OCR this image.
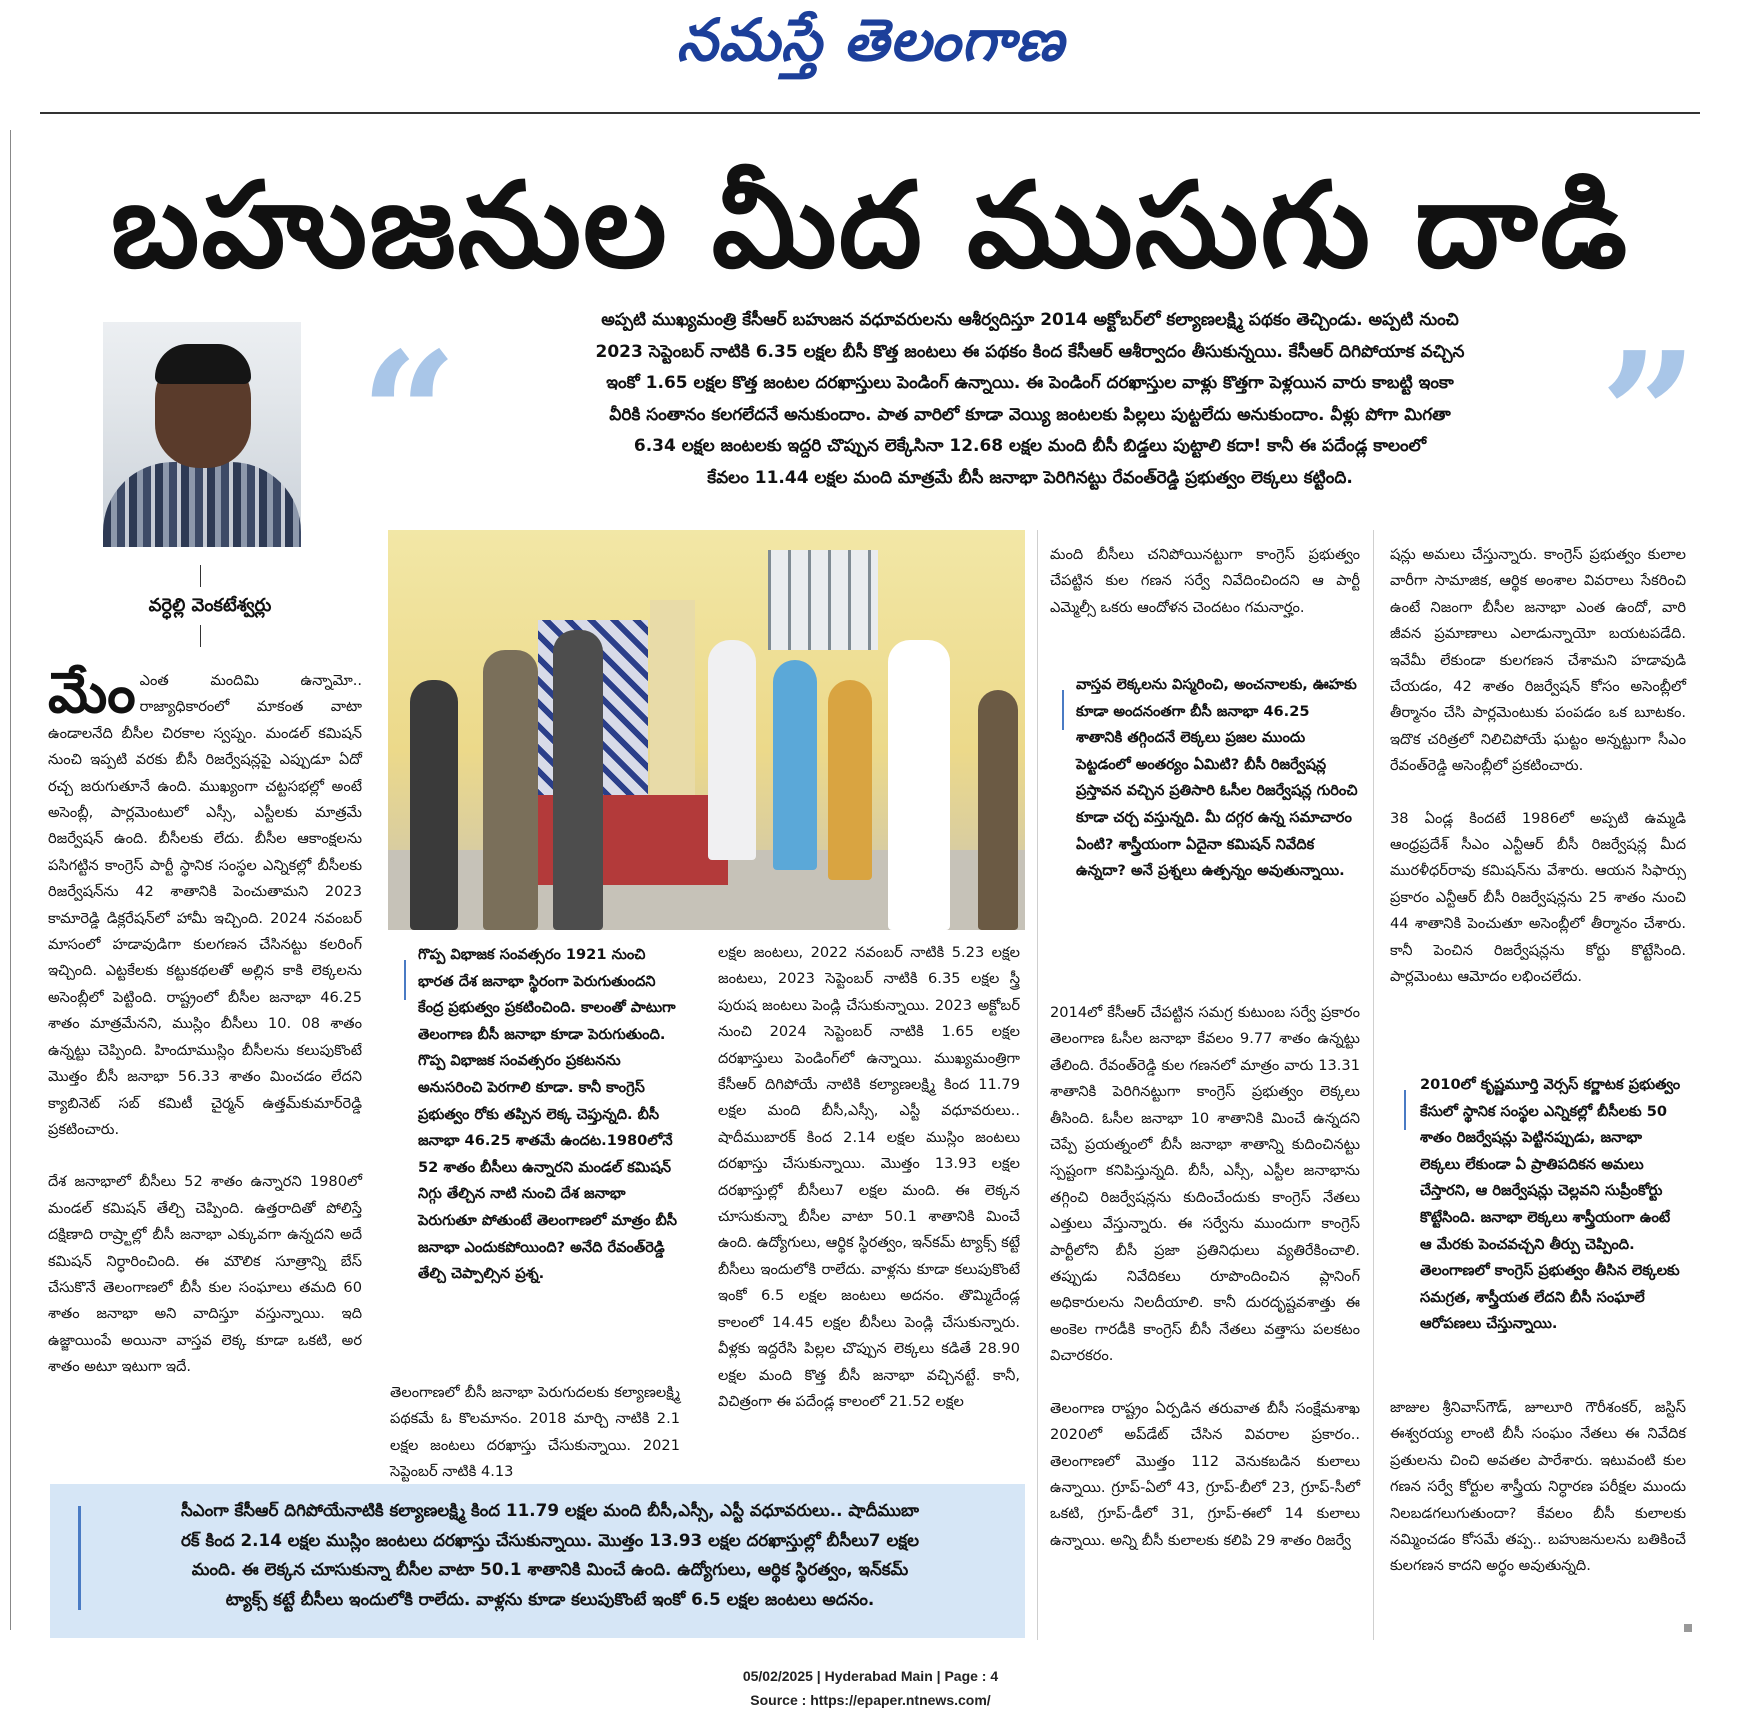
నమస్తే తెలంగాణ
బహుజనుల మీద ముసుగు దాడి
వర్ధెల్లి వెంకటేశ్వర్లు
“	”

అప్పటి ముఖ్యమంత్రి కేసీఆర్ బహుజన వధూవరులను ఆశీర్వదిస్తూ 2014 అక్టోబర్‌లో కల్యాణలక్ష్మి పథకం తెచ్చిండు. అప్పటి నుంచి

2023 సెప్టెంబర్ నాటికి 6.35 లక్షల బీసీ కొత్త జంటలు ఈ పథకం కింద కేసీఆర్ ఆశీర్వాదం తీసుకున్నయి. కేసీఆర్ దిగిపోయాక వచ్చిన

ఇంకో 1.65 లక్షల కొత్త జంటల దరఖాస్తులు పెండింగ్ ఉన్నాయి. ఈ పెండింగ్ దరఖాస్తుల వాళ్లు కొత్తగా పెళ్లయిన వారు కాబట్టి ఇంకా

వీరికి సంతానం కలగలేదనే అనుకుందాం. పాత వారిలో కూడా వెయ్యి జంటలకు పిల్లలు పుట్టలేదు అనుకుందాం. వీళ్లు పోగా మిగతా

6.34 లక్షల జంటలకు ఇద్దరి చొప్పున లెక్కేసినా 12.68 లక్షల మంది బీసీ బిడ్డలు పుట్టాలి కదా! కానీ ఈ పదేండ్ల కాలంలో

కేవలం 11.44 లక్షల మంది మాత్రమే బీసీ జనాభా పెరిగినట్టు రేవంత్‌రెడ్డి ప్రభుత్వం లెక్కలు కట్టింది.

మేం ఎంత మందిమి ఉన్నామో.. రాజ్యాధికారంలో మాకంత వాటా ఉండాలనేది బీసీల చిరకాల స్వప్నం. మండల్ కమిషన్ నుంచి ఇప్పటి వరకు బీసీ రిజర్వేషన్లపై ఎప్పుడూ ఏదో రచ్చ జరుగుతూనే ఉంది. ముఖ్యంగా చట్టసభల్లో అంటే అసెంబ్లీ, పార్లమెంటులో ఎస్సీ, ఎస్టీలకు మాత్రమే రిజర్వేషన్ ఉంది. బీసీలకు లేదు. బీసీల ఆకాంక్షలను పసిగట్టిన కాంగ్రెస్ పార్టీ స్థానిక సంస్థల ఎన్నికల్లో బీసీలకు రిజర్వేషన్‌ను 42 శాతానికి పెంచుతామని 2023 కామారెడ్డి డిక్లరేషన్‌లో హామీ ఇచ్చింది. 2024 నవంబర్ మాసంలో హడావుడిగా కులగణన చేసినట్టు కలరింగ్ ఇచ్చింది. ఎట్టకేలకు కట్టుకథలతో అల్లిన కాకి లెక్కలను అసెంబ్లీలో పెట్టింది. రాష్ట్రంలో బీసీల జనాభా 46.25 శాతం మాత్రమేనని, ముస్లిం బీసీలు 10. 08 శాతం ఉన్నట్టు చెప్పింది. హిందూముస్లిం బీసీలను కలుపుకొంటే మొత్తం బీసీ జనాభా 56.33 శాతం మించడం లేదని క్యాబినెట్ సబ్ కమిటీ చైర్మన్ ఉత్తమ్‌కుమార్‌రెడ్డి ప్రకటించారు.

దేశ జనాభాలో బీసీలు 52 శాతం ఉన్నారని 1980లో మండల్ కమిషన్ తేల్చి చెప్పింది. ఉత్తరాదితో పోలిస్తే దక్షిణాది రాష్ర్టాల్లో బీసీ జనాభా ఎక్కువగా ఉన్నదని అదే కమిషన్ నిర్ధారించింది. ఈ మౌలిక సూత్రాన్ని బేస్ చేసుకొనే తెలంగాణలో బీసీ కుల సంఘాలు తమది 60 శాతం జనాభా అని వాదిస్తూ వస్తున్నాయి. ఇది ఉజ్జాయింపే అయినా వాస్తవ లెక్క కూడా ఒకటి, అర శాతం అటూ ఇటుగా ఇదే.

గొప్ప విభాజక సంవత్సరం 1921 నుంచి భారత దేశ జనాభా స్థిరంగా పెరుగుతుందని కేంద్ర ప్రభుత్వం ప్రకటించింది. కాలంతో పాటుగా తెలంగాణ బీసీ జనాభా కూడా పెరుగుతుంది. గొప్ప విభాజక సంవత్సరం ప్రకటనను అనుసరించి పెరగాలి కూడా. కానీ కాంగ్రెస్ ప్రభుత్వం రోకు తప్పిన లెక్క చెప్తున్నది. బీసీ జనాభా 46.25 శాతమే ఉందట.1980లోనే 52 శాతం బీసీలు ఉన్నారని మండల్ కమిషన్ నిగ్గు తేల్చిన నాటి నుంచి దేశ జనాభా పెరుగుతూ పోతుంటే తెలంగాణలో మాత్రం బీసీ జనాభా ఎందుకపోయింది? అనేది రేవంత్‌రెడ్డి తేల్చి చెప్పాల్సిన ప్రశ్న.

తెలంగాణలో బీసీ జనాభా పెరుగుదలకు కల్యాణలక్ష్మి పథకమే ఓ కొలమానం. 2018 మార్చి నాటికి 2.1 లక్షల జంటలు దరఖాస్తు చేసుకున్నాయి. 2021 సెప్టెంబర్ నాటికి 4.13

లక్షల జంటలు, 2022 నవంబర్ నాటికి 5.23 లక్షల జంటలు, 2023 సెప్టెంబర్ నాటికి 6.35 లక్షల స్త్రీ పురుష జంటలు పెండ్లి చేసుకున్నాయి. 2023 అక్టోబర్ నుంచి 2024 సెప్టెంబర్ నాటికి 1.65 లక్షల దరఖాస్తులు పెండింగ్‌లో ఉన్నాయి. ముఖ్యమంత్రిగా కేసీఆర్ దిగిపోయే నాటికి కల్యాణలక్ష్మి కింద 11.79 లక్షల మంది బీసీ,ఎస్సీ, ఎస్టీ వధూవరులు.. షాదీముబారక్ కింద 2.14 లక్షల ముస్లిం జంటలు దరఖాస్తు చేసుకున్నాయి. మొత్తం 13.93 లక్షల దరఖాస్తుల్లో బీసీలు7 లక్షల మంది. ఈ లెక్కన చూసుకున్నా బీసీల వాటా 50.1 శాతానికి మించే ఉంది. ఉద్యోగులు, ఆర్థిక స్థిరత్వం, ఇన్‌కమ్ ట్యాక్స్ కట్టే బీసీలు ఇందులోకి రాలేదు. వాళ్లను కూడా కలుపుకొంటే ఇంకో 6.5 లక్షల జంటలు అదనం. తొమ్మిదేండ్ల కాలంలో 14.45 లక్షల బీసీలు పెండ్లి చేసుకున్నారు. వీళ్లకు ఇద్దరేసి పిల్లల చొప్పున లెక్కలు కడితే 28.90 లక్షల మంది కొత్త బీసీ జనాభా వచ్చినట్టే. కానీ, విచిత్రంగా ఈ పదేండ్ల కాలంలో 21.52 లక్షల

మంది బీసీలు చనిపోయినట్టుగా కాంగ్రెస్ ప్రభుత్వం చేపట్టిన కుల గణన సర్వే నివేదించిందని ఆ పార్టీ ఎమ్మెల్సీ ఒకరు ఆందోళన చెందటం గమనార్హం.

వాస్తవ లెక్కలను విస్మరించి, అంచనాలకు, ఊహకు కూడా అందనంతగా బీసీ జనాభా 46.25 శాతానికి తగ్గిందనే లెక్కలు ప్రజల ముందు పెట్టడంలో అంతర్యం ఏమిటి? బీసీ రిజర్వేషన్ల ప్రస్తావన వచ్చిన ప్రతిసారి ఓసీల రిజర్వేషన్ల గురించి కూడా చర్చ వస్తున్నది. మీ దగ్గర ఉన్న సమాచారం ఏంటి? శాస్త్రీయంగా ఏదైనా కమిషన్ నివేదిక ఉన్నదా? అనే ప్రశ్నలు ఉత్పన్నం అవుతున్నాయి.

2014లో కేసీఆర్ చేపట్టిన సమగ్ర కుటుంబ సర్వే ప్రకారం తెలంగాణ ఓసీల జనాభా కేవలం 9.77 శాతం ఉన్నట్టు తేలింది. రేవంత్‌రెడ్డి కుల గణనలో మాత్రం వారు 13.31 శాతానికి పెరిగినట్టుగా కాంగ్రెస్ ప్రభుత్వం లెక్కలు తీసింది. ఓసీల జనాభా 10 శాతానికి మించే ఉన్నదని చెప్పే ప్రయత్నంలో బీసీ జనాభా శాతాన్ని కుదించినట్టు స్పష్టంగా కనిపిస్తున్నది. బీసీ, ఎస్సీ, ఎస్టీల జనాభాను తగ్గించి రిజర్వేషన్లను కుదించేందుకు కాంగ్రెస్ నేతలు ఎత్తులు వేస్తున్నారు. ఈ సర్వేను ముందుగా కాంగ్రెస్ పార్టీలోని బీసీ ప్రజా ప్రతినిధులు వ్యతిరేకించాలి. తప్పుడు నివేదికలు రూపొందించిన ప్లానింగ్ అధికారులను నిలదీయాలి. కానీ దురదృష్టవశాత్తు ఈ అంకెల గారడీకి కాంగ్రెస్ బీసీ నేతలు వత్తాసు పలకటం విచారకరం.

తెలంగాణ రాష్ట్రం ఏర్పడిన తరువాత బీసీ సంక్షేమశాఖ 2020లో అప్‌డేట్ చేసిన వివరాల ప్రకారం.. తెలంగాణలో మొత్తం 112 వెనుకబడిన కులాలు ఉన్నాయి. గ్రూప్-ఏలో 43, గ్రూప్-బీలో 23, గ్రూప్-సీలో ఒకటి, గ్రూప్-డీలో 31, గ్రూప్-ఈలో 14 కులాలు ఉన్నాయి. అన్ని బీసీ కులాలకు కలిపి 29 శాతం రిజర్వే

షన్లు అమలు చేస్తున్నారు. కాంగ్రెస్ ప్రభుత్వం కులాల వారీగా సామాజిక, ఆర్థిక అంశాల వివరాలు సేకరించి ఉంటే నిజంగా బీసీల జనాభా ఎంత ఉందో, వారి జీవన ప్రమాణాలు ఎలాడున్నాయో బయటపడేది. ఇవేమీ లేకుండా కులగణన చేశామని హడావుడి చేయడం, 42 శాతం రిజర్వేషన్ కోసం అసెంబ్లీలో తీర్మానం చేసి పార్లమెంటుకు పంపడం ఒక బూటకం. ఇదొక చరిత్రలో నిలిచిపోయే ఘట్టం అన్నట్టుగా సీఎం రేవంత్‌రెడ్డి అసెంబ్లీలో ప్రకటించారు.

38 ఏండ్ల కిందటే 1986లో అప్పటి ఉమ్మడి ఆంధ్రప్రదేశ్ సీఎం ఎన్టీఆర్ బీసీ రిజర్వేషన్ల మీద మురళీధర్‌రావు కమిషన్‌ను వేశారు. ఆయన సిఫార్సు ప్రకారం ఎన్టీఆర్ బీసీ రిజర్వేషన్లను 25 శాతం నుంచి 44 శాతానికి పెంచుతూ అసెంబ్లీలో తీర్మానం చేశారు. కానీ పెంచిన రిజర్వేషన్లను కోర్టు కొట్టేసింది. పార్లమెంటు ఆమోదం లభించలేదు.

2010లో కృష్ణమూర్తి వెర్సస్ కర్ణాటక ప్రభుత్వం కేసులో స్థానిక సంస్థల ఎన్నికల్లో బీసీలకు 50 శాతం రిజర్వేషన్లు పెట్టినప్పుడు, జనాభా లెక్కలు లేకుండా ఏ ప్రాతిపదికన అమలు చేస్తారని, ఆ రిజర్వేషన్లు చెల్లవని సుప్రీంకోర్టు కొట్టేసింది. జనాభా లెక్కలు శాస్త్రీయంగా ఉంటే ఆ మేరకు పెంచవచ్చని తీర్పు చెప్పింది. తెలంగాణలో కాంగ్రెస్ ప్రభుత్వం తీసిన లెక్కలకు సమగ్రత, శాస్త్రీయత లేదని బీసీ సంఘాలే ఆరోపణలు చేస్తున్నాయి.

జాజుల శ్రీనివాస్‌గౌడ్, జూలూరి గౌరీశంకర్, జస్టిస్ ఈశ్వరయ్య లాంటి బీసీ సంఘం నేతలు ఈ నివేదిక ప్రతులను చించి అవతల పారేశారు. ఇటువంటి కుల గణన సర్వే కోర్టుల శాస్త్రీయ నిర్ధారణ పరీక్షల ముందు నిలబడగలుగుతుందా? కేవలం బీసీ కులాలకు నమ్మించడం కోసమే తప్ప.. బహుజనులను బతికించే కులగణన కాదని అర్థం అవుతున్నది.

సీఎంగా కేసీఆర్ దిగిపోయేనాటికి కల్యాణలక్ష్మి కింద 11.79 లక్షల మంది బీసీ,ఎస్సీ, ఎస్టీ వధూవరులు.. షాదీముబా

రక్ కింద 2.14 లక్షల ముస్లిం జంటలు దరఖాస్తు చేసుకున్నాయి. మొత్తం 13.93 లక్షల దరఖాస్తుల్లో బీసీలు7 లక్షల

మంది. ఈ లెక్కన చూసుకున్నా బీసీల వాటా 50.1 శాతానికి మించే ఉంది. ఉద్యోగులు, ఆర్థిక స్థిరత్వం, ఇన్‌కమ్

ట్యాక్స్ కట్టే బీసీలు ఇందులోకి రాలేదు. వాళ్లను కూడా కలుపుకొంటే ఇంకో 6.5 లక్షల జంటలు అదనం.

05/02/2025 | Hyderabad Main | Page : 4
Source : https://epaper.ntnews.com/
